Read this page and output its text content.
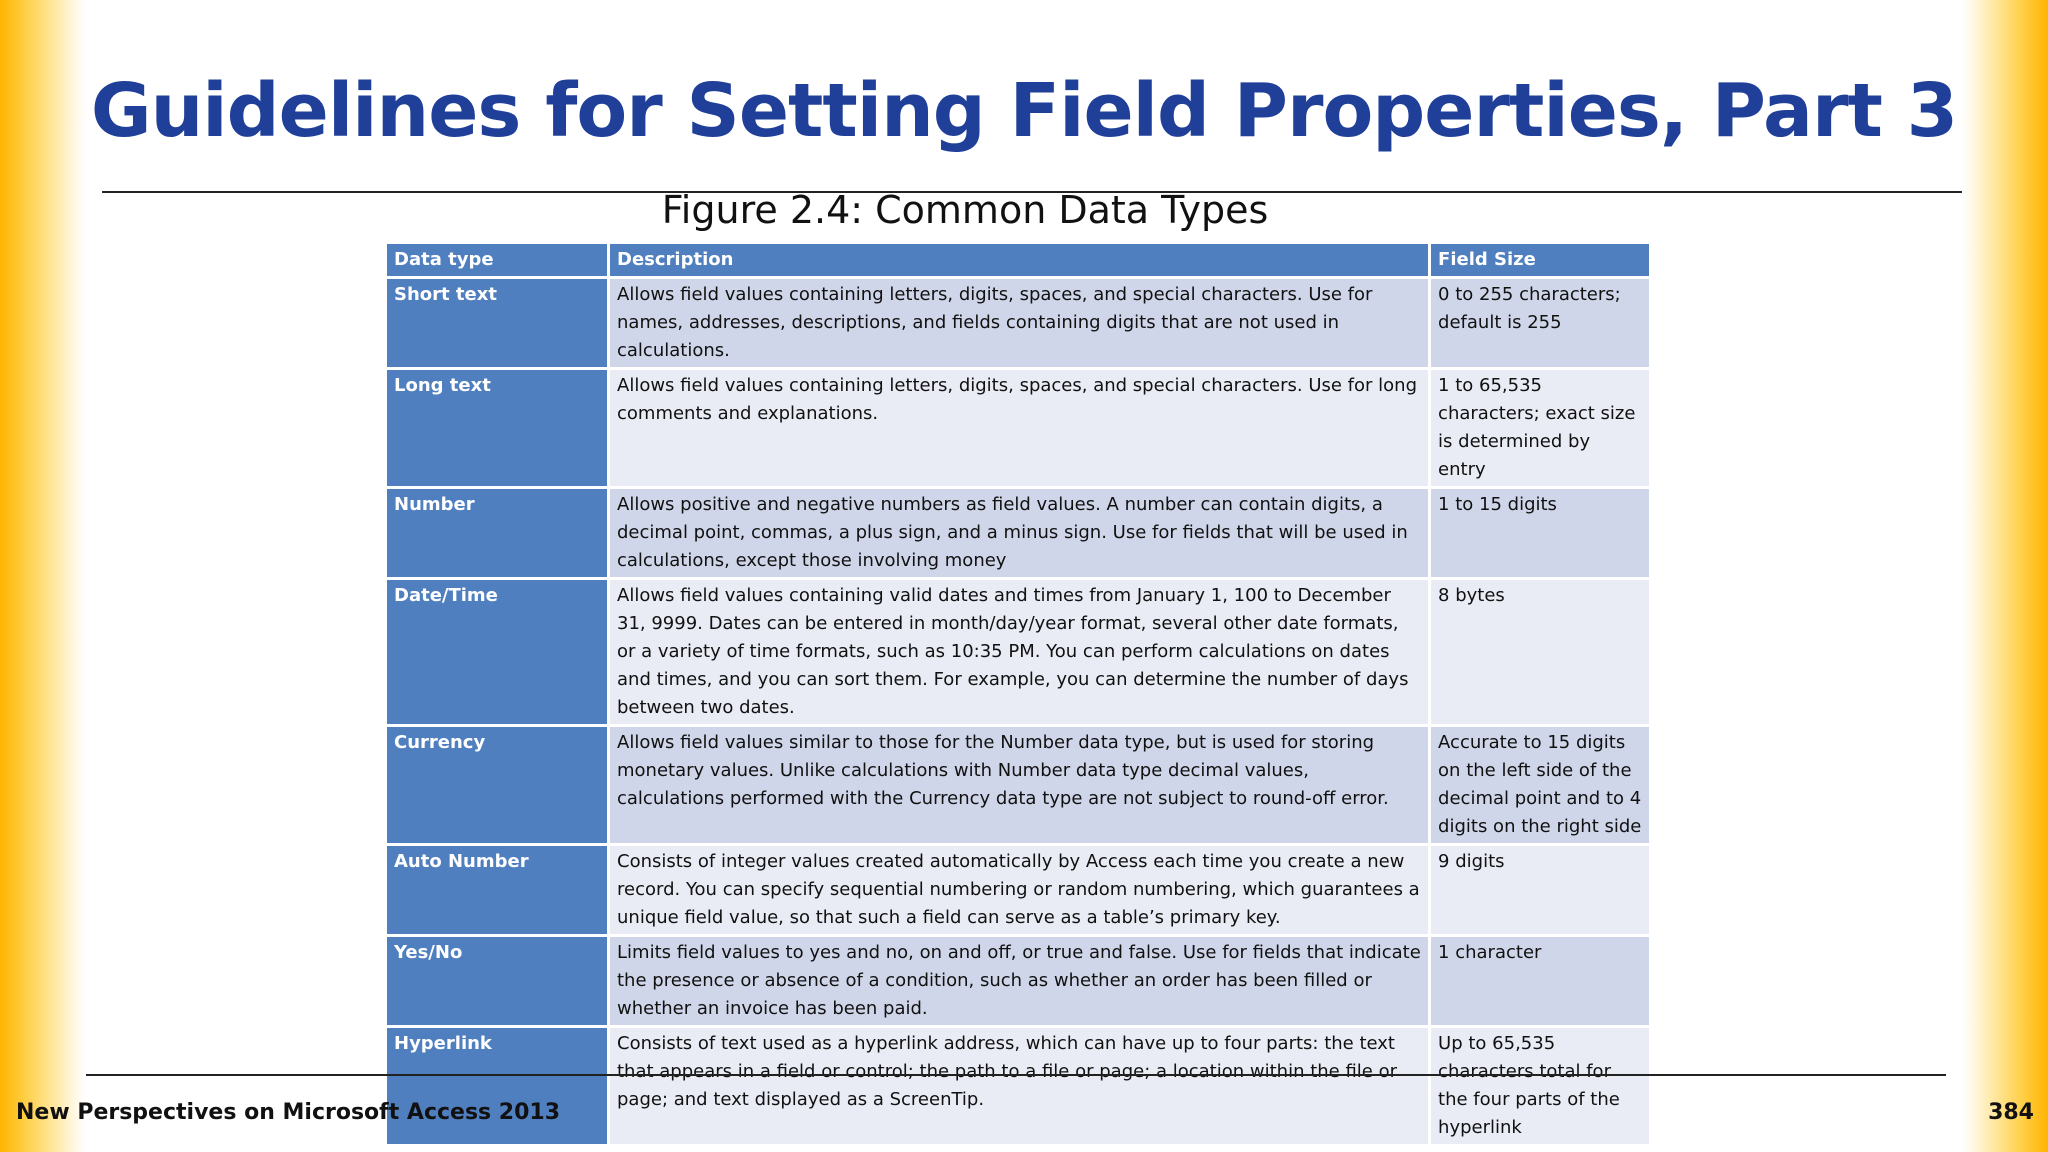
Guidelines for Setting Field Properties, Part 3
Figure 2.4: Common Data Types
Data type	Description	Field Size
Short text	Allows field values containing letters, digits, spaces, and special characters. Use for names, addresses, descriptions, and fields containing digits that are not used in calculations.	0 to 255 characters; default is 255
Long text	Allows field values containing letters, digits, spaces, and special characters. Use for long comments and explanations.	1 to 65,535 characters; exact size is determined by entry
Number	Allows positive and negative numbers as field values. A number can contain digits, a decimal point, commas, a plus sign, and a minus sign. Use for fields that will be used in calculations, except those involving money	1 to 15 digits
Date/Time	Allows field values containing valid dates and times from January 1, 100 to December 31, 9999. Dates can be entered in month/day/year format, several other date formats, or a variety of time formats, such as 10:35 PM. You can perform calculations on dates and times, and you can sort them. For example, you can determine the number of days between two dates.	8 bytes
Currency	Allows field values similar to those for the Number data type, but is used for storing monetary values. Unlike calculations with Number data type decimal values, calculations performed with the Currency data type are not subject to round-off error.	Accurate to 15 digits on the left side of the decimal point and to 4 digits on the right side
Auto Number	Consists of integer values created automatically by Access each time you create a new record. You can specify sequential numbering or random numbering, which guarantees a unique field value, so that such a field can serve as a table’s primary key.	9 digits
Yes/No	Limits field values to yes and no, on and off, or true and false. Use for fields that indicate the presence or absence of a condition, such as whether an order has been filled or whether an invoice has been paid.	1 character
Hyperlink	Consists of text used as a hyperlink address, which can have up to four parts: the text that appears in a field or control; the path to a file or page; a location within the file or page; and text displayed as a ScreenTip.	Up to 65,535 characters total for the four parts of the hyperlink
New Perspectives on Microsoft Access 2013	384
